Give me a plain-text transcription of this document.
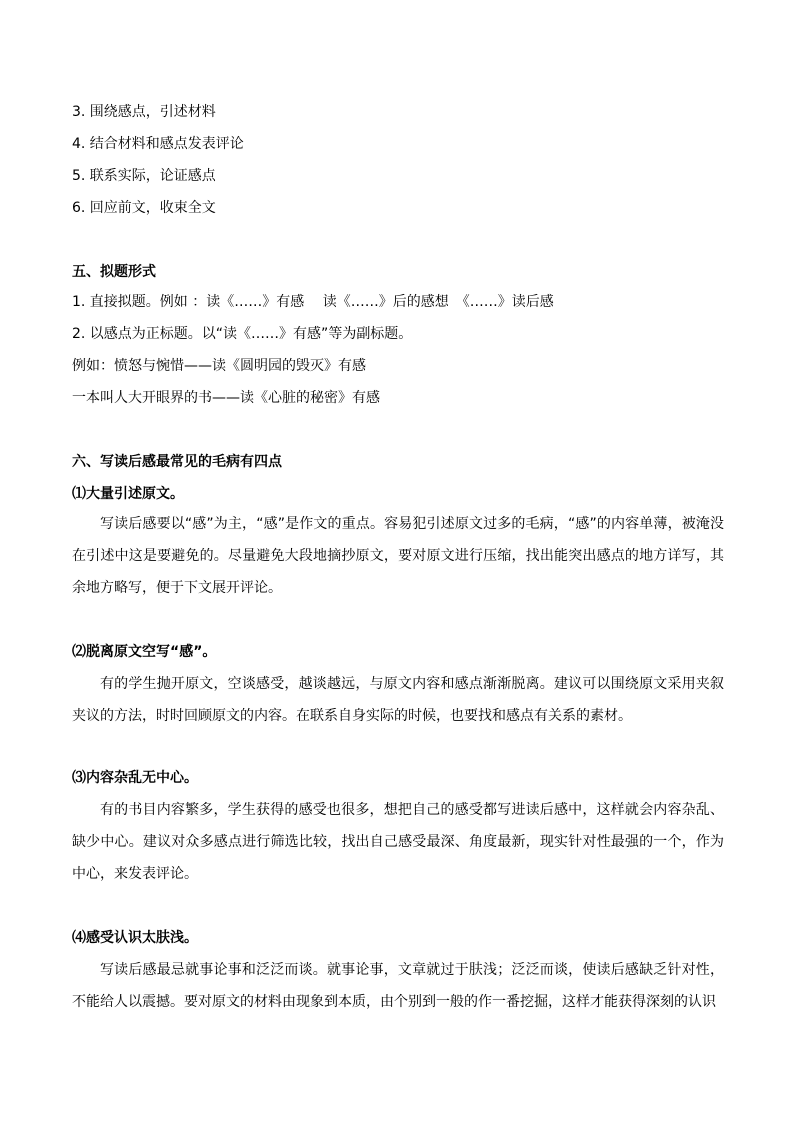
3. 围绕感点，引述材料
4. 结合材料和感点发表评论
5. 联系实际，论证感点
6. 回应前文，收束全文
五、拟题形式
1. 直接拟题。例如 ：读《……》有感　 读《……》后的感想　《……》读后感
2. 以感点为正标题。以“读《……》有感”等为副标题。
例如：愤怒与惋惜——读《圆明园的毁灭》有感
一本叫人大开眼界的书——读《心脏的秘密》有感
六、写读后感最常见的毛病有四点
⑴大量引述原文。
写读后感要以“感”为主，“感”是作文的重点。容易犯引述原文过多的毛病，“感”的内容单薄，被淹没在引述中这是要避免的。尽量避免大段地摘抄原文，要对原文进行压缩，找出能突出感点的地方详写，其余地方略写，便于下文展开评论。
⑵脱离原文空写“感”。
有的学生抛开原文，空谈感受，越谈越远，与原文内容和感点渐渐脱离。建议可以围绕原文采用夹叙夹议的方法，时时回顾原文的内容。在联系自身实际的时候，也要找和感点有关系的素材。
⑶内容杂乱无中心。
有的书目内容繁多，学生获得的感受也很多，想把自己的感受都写进读后感中，这样就会内容杂乱、缺少中心。建议对众多感点进行筛选比较，找出自己感受最深、角度最新，现实针对性最强的一个，作为中心，来发表评论。
⑷感受认识太肤浅。
写读后感最忌就事论事和泛泛而谈。就事论事，文章就过于肤浅；泛泛而谈，使读后感缺乏针对性，不能给人以震撼。要对原文的材料由现象到本质，由个别到一般的作一番挖掘，这样才能获得深刻的认识
